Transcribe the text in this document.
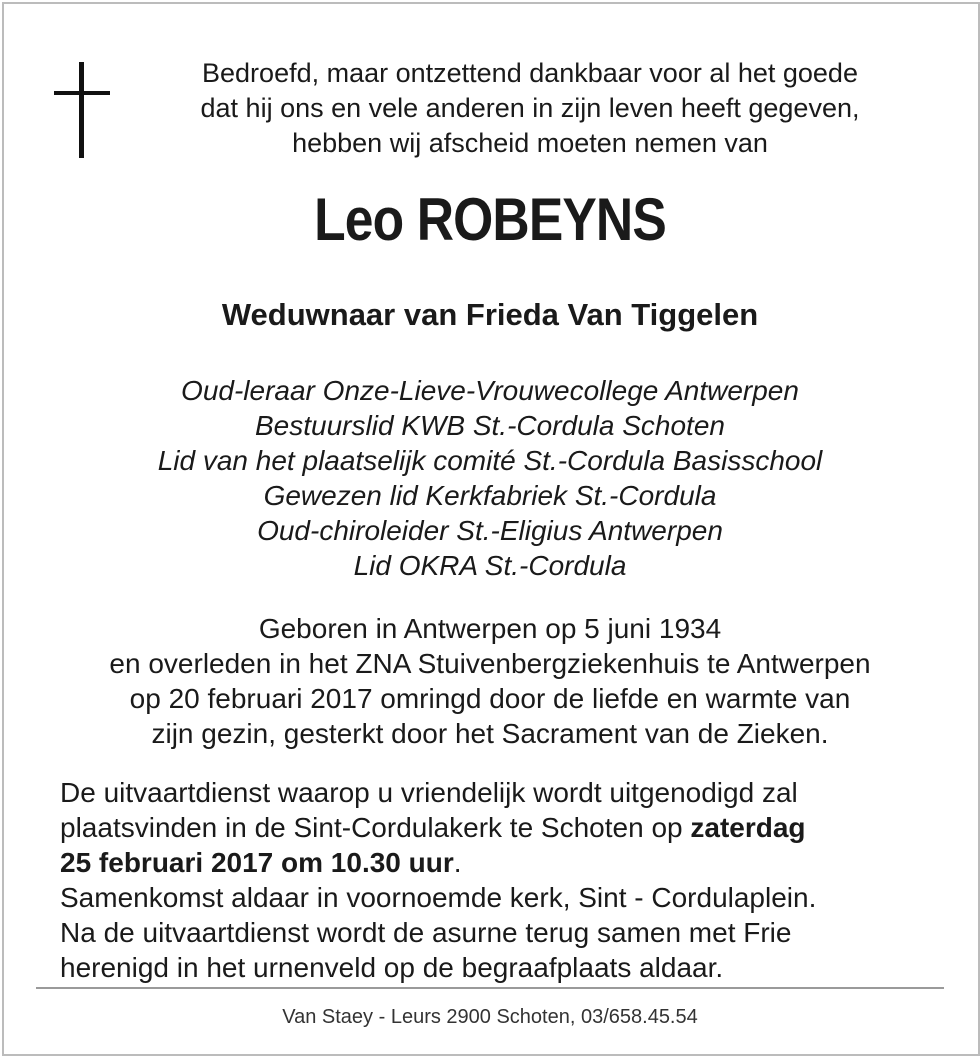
Bedroefd, maar ontzettend dankbaar voor al het goede
dat hij ons en vele anderen in zijn leven heeft gegeven,
hebben wij afscheid moeten nemen van
Leo ROBEYNS
Weduwnaar van Frieda Van Tiggelen
Oud-leraar Onze-Lieve-Vrouwecollege Antwerpen
Bestuurslid KWB St.-Cordula Schoten
Lid van het plaatselijk comité St.-Cordula Basisschool
Gewezen lid Kerkfabriek St.-Cordula
Oud-chiroleider St.-Eligius Antwerpen
Lid OKRA St.-Cordula
Geboren in Antwerpen op 5 juni 1934
en overleden in het ZNA Stuivenbergziekenhuis te Antwerpen
op 20 februari 2017 omringd door de liefde en warmte van
zijn gezin, gesterkt door het Sacrament van de Zieken.
De uitvaartdienst waarop u vriendelijk wordt uitgenodigd zal
plaatsvinden in de Sint-Cordulakerk te Schoten op zaterdag
25 februari 2017 om 10.30 uur.
Samenkomst aldaar in voornoemde kerk, Sint - Cordulaplein.
Na de uitvaartdienst wordt de asurne terug samen met Frie
herenigd in het urnenveld op de begraafplaats aldaar.
Van Staey - Leurs 2900 Schoten, 03/658.45.54
